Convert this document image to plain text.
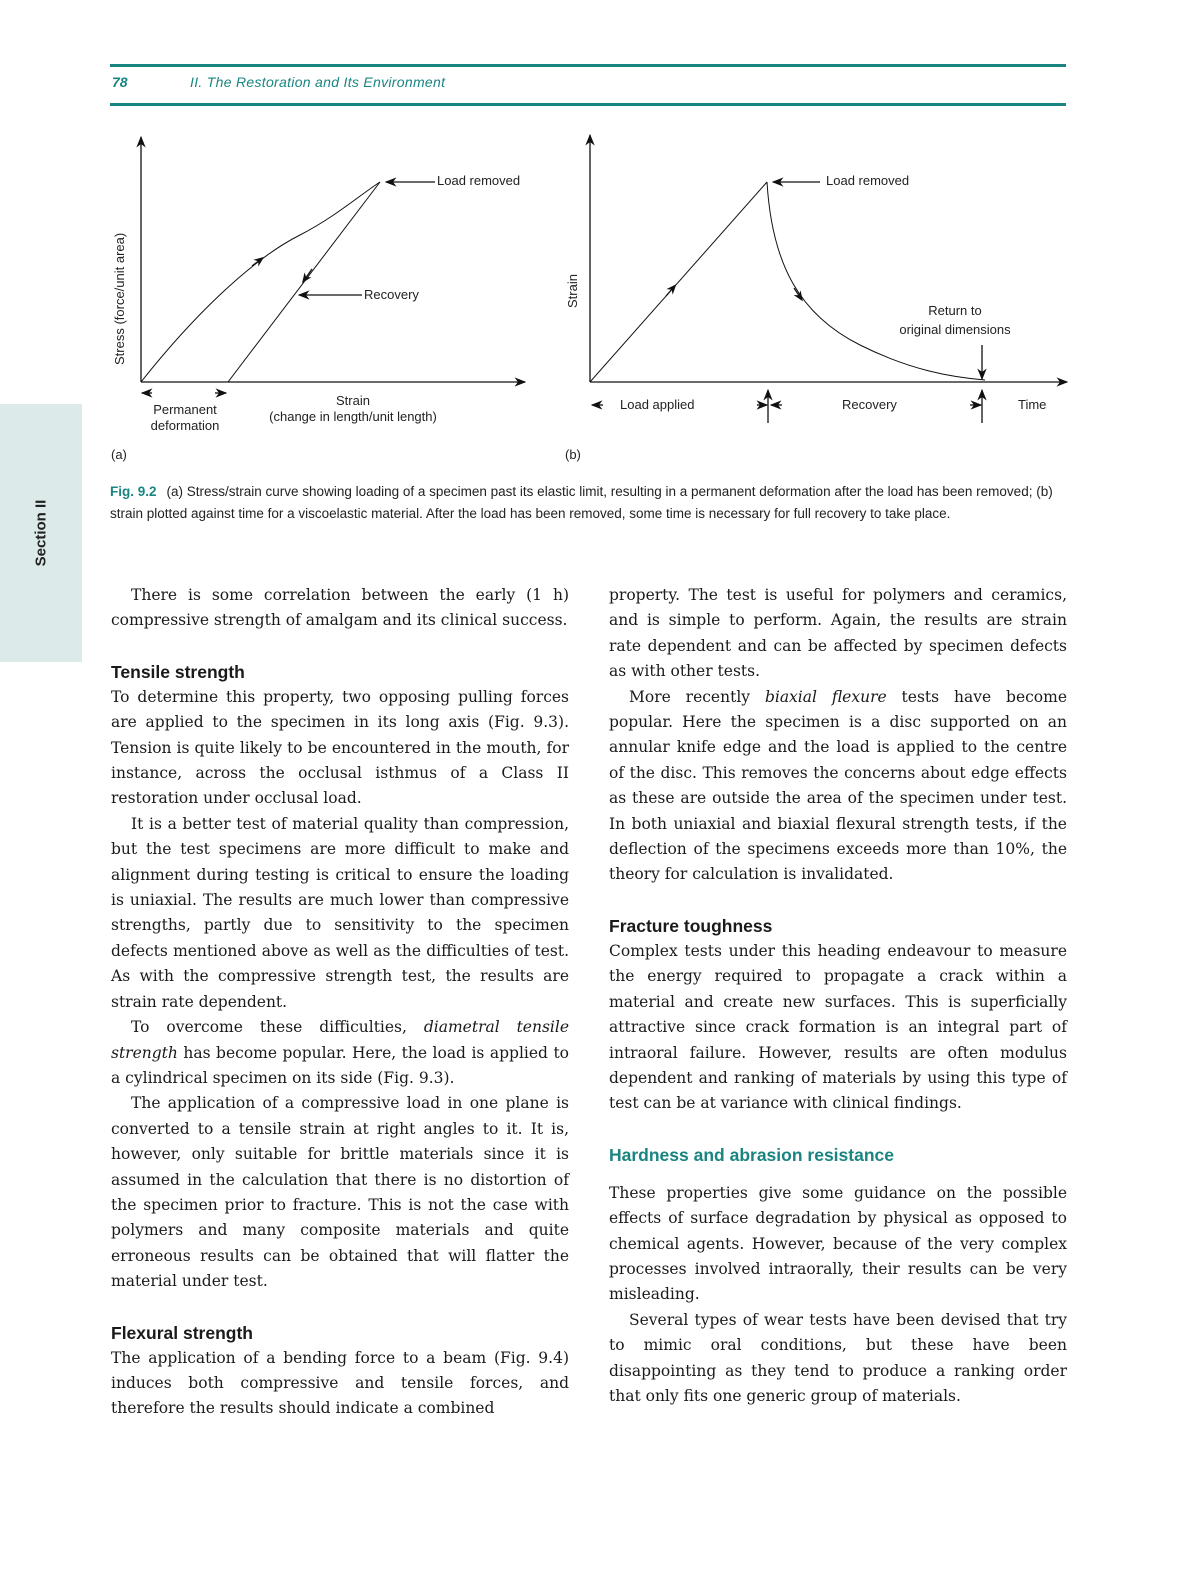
78	II. The Restoration and Its Environment
Section II
Stress (force/unit area)
Load removed
Recovery
Permanent
deformation
Strain
(change in length/unit length)
(a)
Strain
Load removed
Return to
original dimensions
Load applied	Recovery	Time
(b)
Fig. 9.2 (a) Stress/strain curve showing loading of a specimen past its elastic limit, resulting in a permanent deformation after the load has been removed; (b) strain plotted against time for a viscoelastic material. After the load has been removed, some time is necessary for full recovery to take place.

There is some correlation between the early (1 h) compressive strength of amalgam and its clinical success.

Tensile strength

To determine this property, two opposing pulling forces are applied to the specimen in its long axis (Fig. 9.3). Tension is quite likely to be encountered in the mouth, for instance, across the occlusal isthmus of a Class II restoration under occlusal load.

It is a better test of material quality than compression, but the test specimens are more difficult to make and alignment during testing is critical to ensure the loading is uniaxial. The results are much lower than compressive strengths, partly due to sensitivity to the specimen defects mentioned above as well as the difficulties of test. As with the compressive strength test, the results are strain rate dependent.

To overcome these difficulties, diametral tensile strength has become popular. Here, the load is applied to a cylindrical specimen on its side (Fig. 9.3).

The application of a compressive load in one plane is converted to a tensile strain at right angles to it. It is, however, only suitable for brittle materials since it is assumed in the calculation that there is no distortion of the specimen prior to fracture. This is not the case with polymers and many composite materials and quite erroneous results can be obtained that will flatter the material under test.

Flexural strength

The application of a bending force to a beam (Fig. 9.4) induces both compressive and tensile forces, and therefore the results should indicate a combined

property. The test is useful for polymers and ceramics, and is simple to perform. Again, the results are strain rate dependent and can be affected by specimen defects as with other tests.

More recently biaxial flexure tests have become popular. Here the specimen is a disc supported on an annular knife edge and the load is applied to the centre of the disc. This removes the concerns about edge effects as these are outside the area of the specimen under test. In both uniaxial and biaxial flexural strength tests, if the deflection of the specimens exceeds more than 10%, the theory for calculation is invalidated.

Fracture toughness

Complex tests under this heading endeavour to measure the energy required to propagate a crack within a material and create new surfaces. This is superficially attractive since crack formation is an integral part of intraoral failure. However, results are often modulus dependent and ranking of materials by using this type of test can be at variance with clinical findings.

Hardness and abrasion resistance

These properties give some guidance on the possible effects of surface degradation by physical as opposed to chemical agents. However, because of the very complex processes involved intraorally, their results can be very misleading.

Several types of wear tests have been devised that try to mimic oral conditions, but these have been disappointing as they tend to produce a ranking order that only fits one generic group of materials.
